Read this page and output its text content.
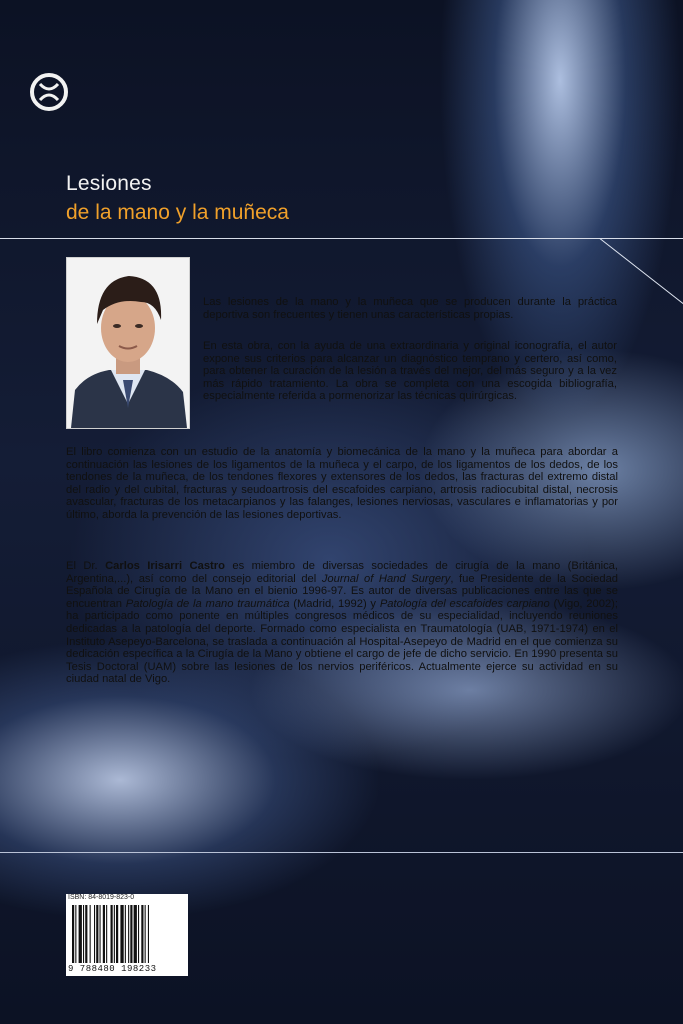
Lesiones
de la mano y la muñeca
Las lesiones de la mano y la muñeca que se producen durante la práctica deportiva son frecuentes y tienen unas características propias.
En esta obra, con la ayuda de una extraordinaria y original iconografía, el autor expone sus criterios para alcanzar un diagnóstico temprano y certero, así como, para obtener la curación de la lesión a través del mejor, del más seguro y a la vez más rápido tratamiento. La obra se completa con una escogida bibliografía, especialmente referida a pormenorizar las técnicas quirúrgicas.
El libro comienza con un estudio de la anatomía y biomecánica de la mano y la muñeca para abordar a continuación las lesiones de los ligamentos de la muñeca y el carpo, de los ligamentos de los dedos, de los tendones de la muñeca, de los tendones flexores y extensores de los dedos, las fracturas del extremo distal del radio y del cubital, fracturas y seudoartrosis del escafoides carpiano, artrosis radiocubital distal, necrosis avascular, fracturas de los metacarpianos y las falanges, lesiones nerviosas, vasculares e inflamatorias y por último, aborda la prevención de las lesiones deportivas.
El Dr. Carlos Irisarri Castro es miembro de diversas sociedades de cirugía de la mano (Británica, Argentina,...), así como del consejo editorial del Journal of Hand Surgery, fue Presidente de la Sociedad Española de Cirugía de la Mano en el bienio 1996-97. Es autor de diversas publicaciones entre las que se encuentran Patología de la mano traumática (Madrid, 1992) y Patología del escafoides carpiano (Vigo, 2002); ha participado como ponente en múltiples congresos médicos de su especialidad, incluyendo reuniones dedicadas a la patología del deporte. Formado como especialista en Traumatología (UAB, 1971-1974) en el Instituto Asepeyo-Barcelona, se traslada a continuación al Hospital-Asepeyo de Madrid en el que comienza su dedicación específica a la Cirugía de la Mano y obtiene el cargo de jefe de dicho servicio. En 1990 presenta su Tesis Doctoral (UAM) sobre las lesiones de los nervios periféricos. Actualmente ejerce su actividad en su ciudad natal de Vigo.
ISBN: 84-8019-823-0
9 788480 198233
